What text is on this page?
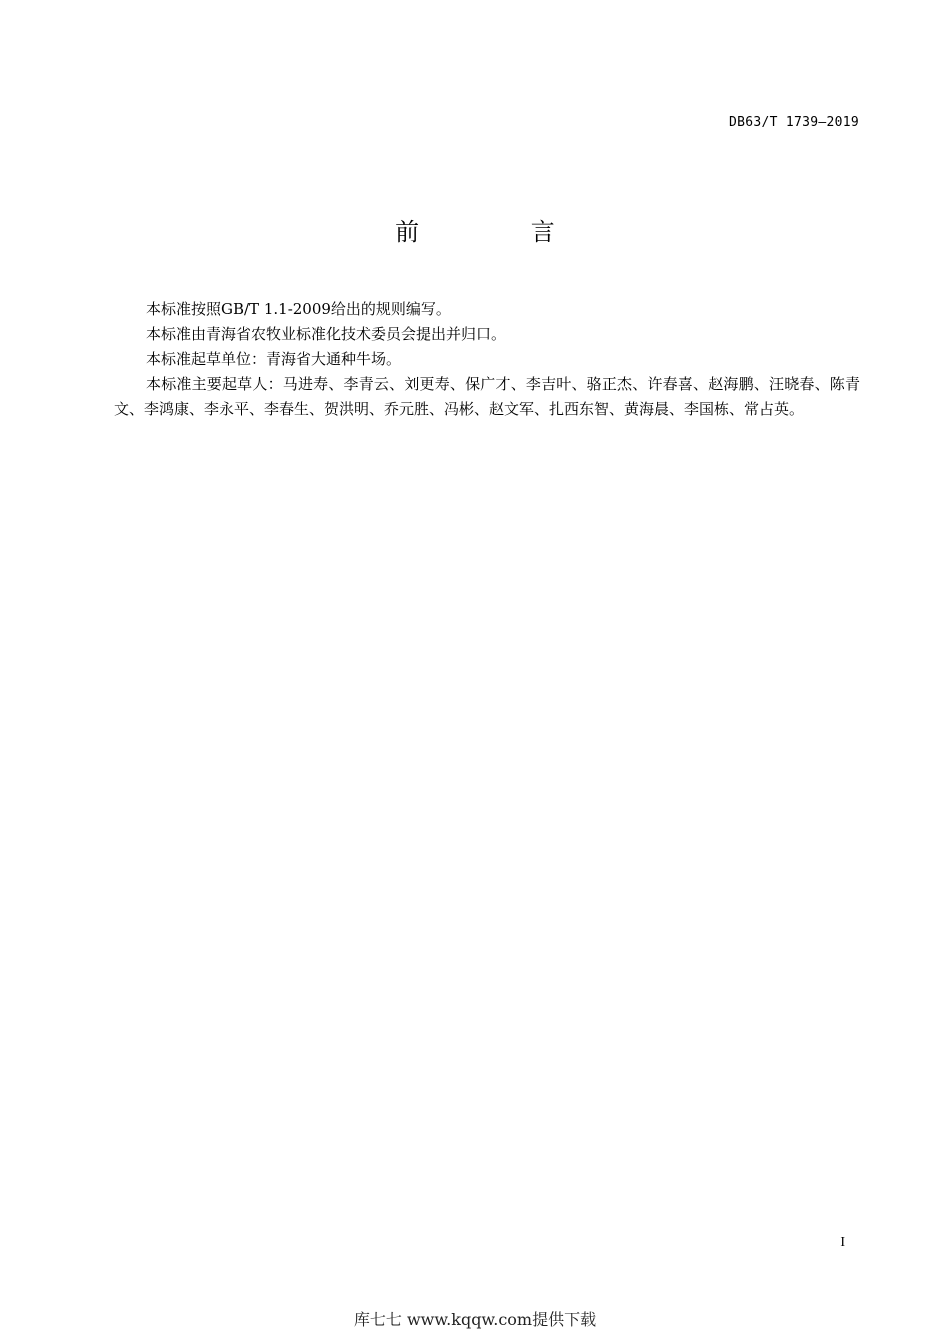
DB63/T 1739—2019
前 言

本标准按照GB/T 1.1-2009给出的规则编写。

本标准由青海省农牧业标准化技术委员会提出并归口。

本标准起草单位：青海省大通种牛场。

本标准主要起草人：马进寿、李青云、刘更寿、保广才、李吉叶、骆正杰、许春喜、赵海鹏、汪晓春、陈青文、李鸿康、李永平、李春生、贺洪明、乔元胜、冯彬、赵文军、扎西东智、黄海晨、李国栋、常占英。

I
库七七 www.kqqw.com提供下载
